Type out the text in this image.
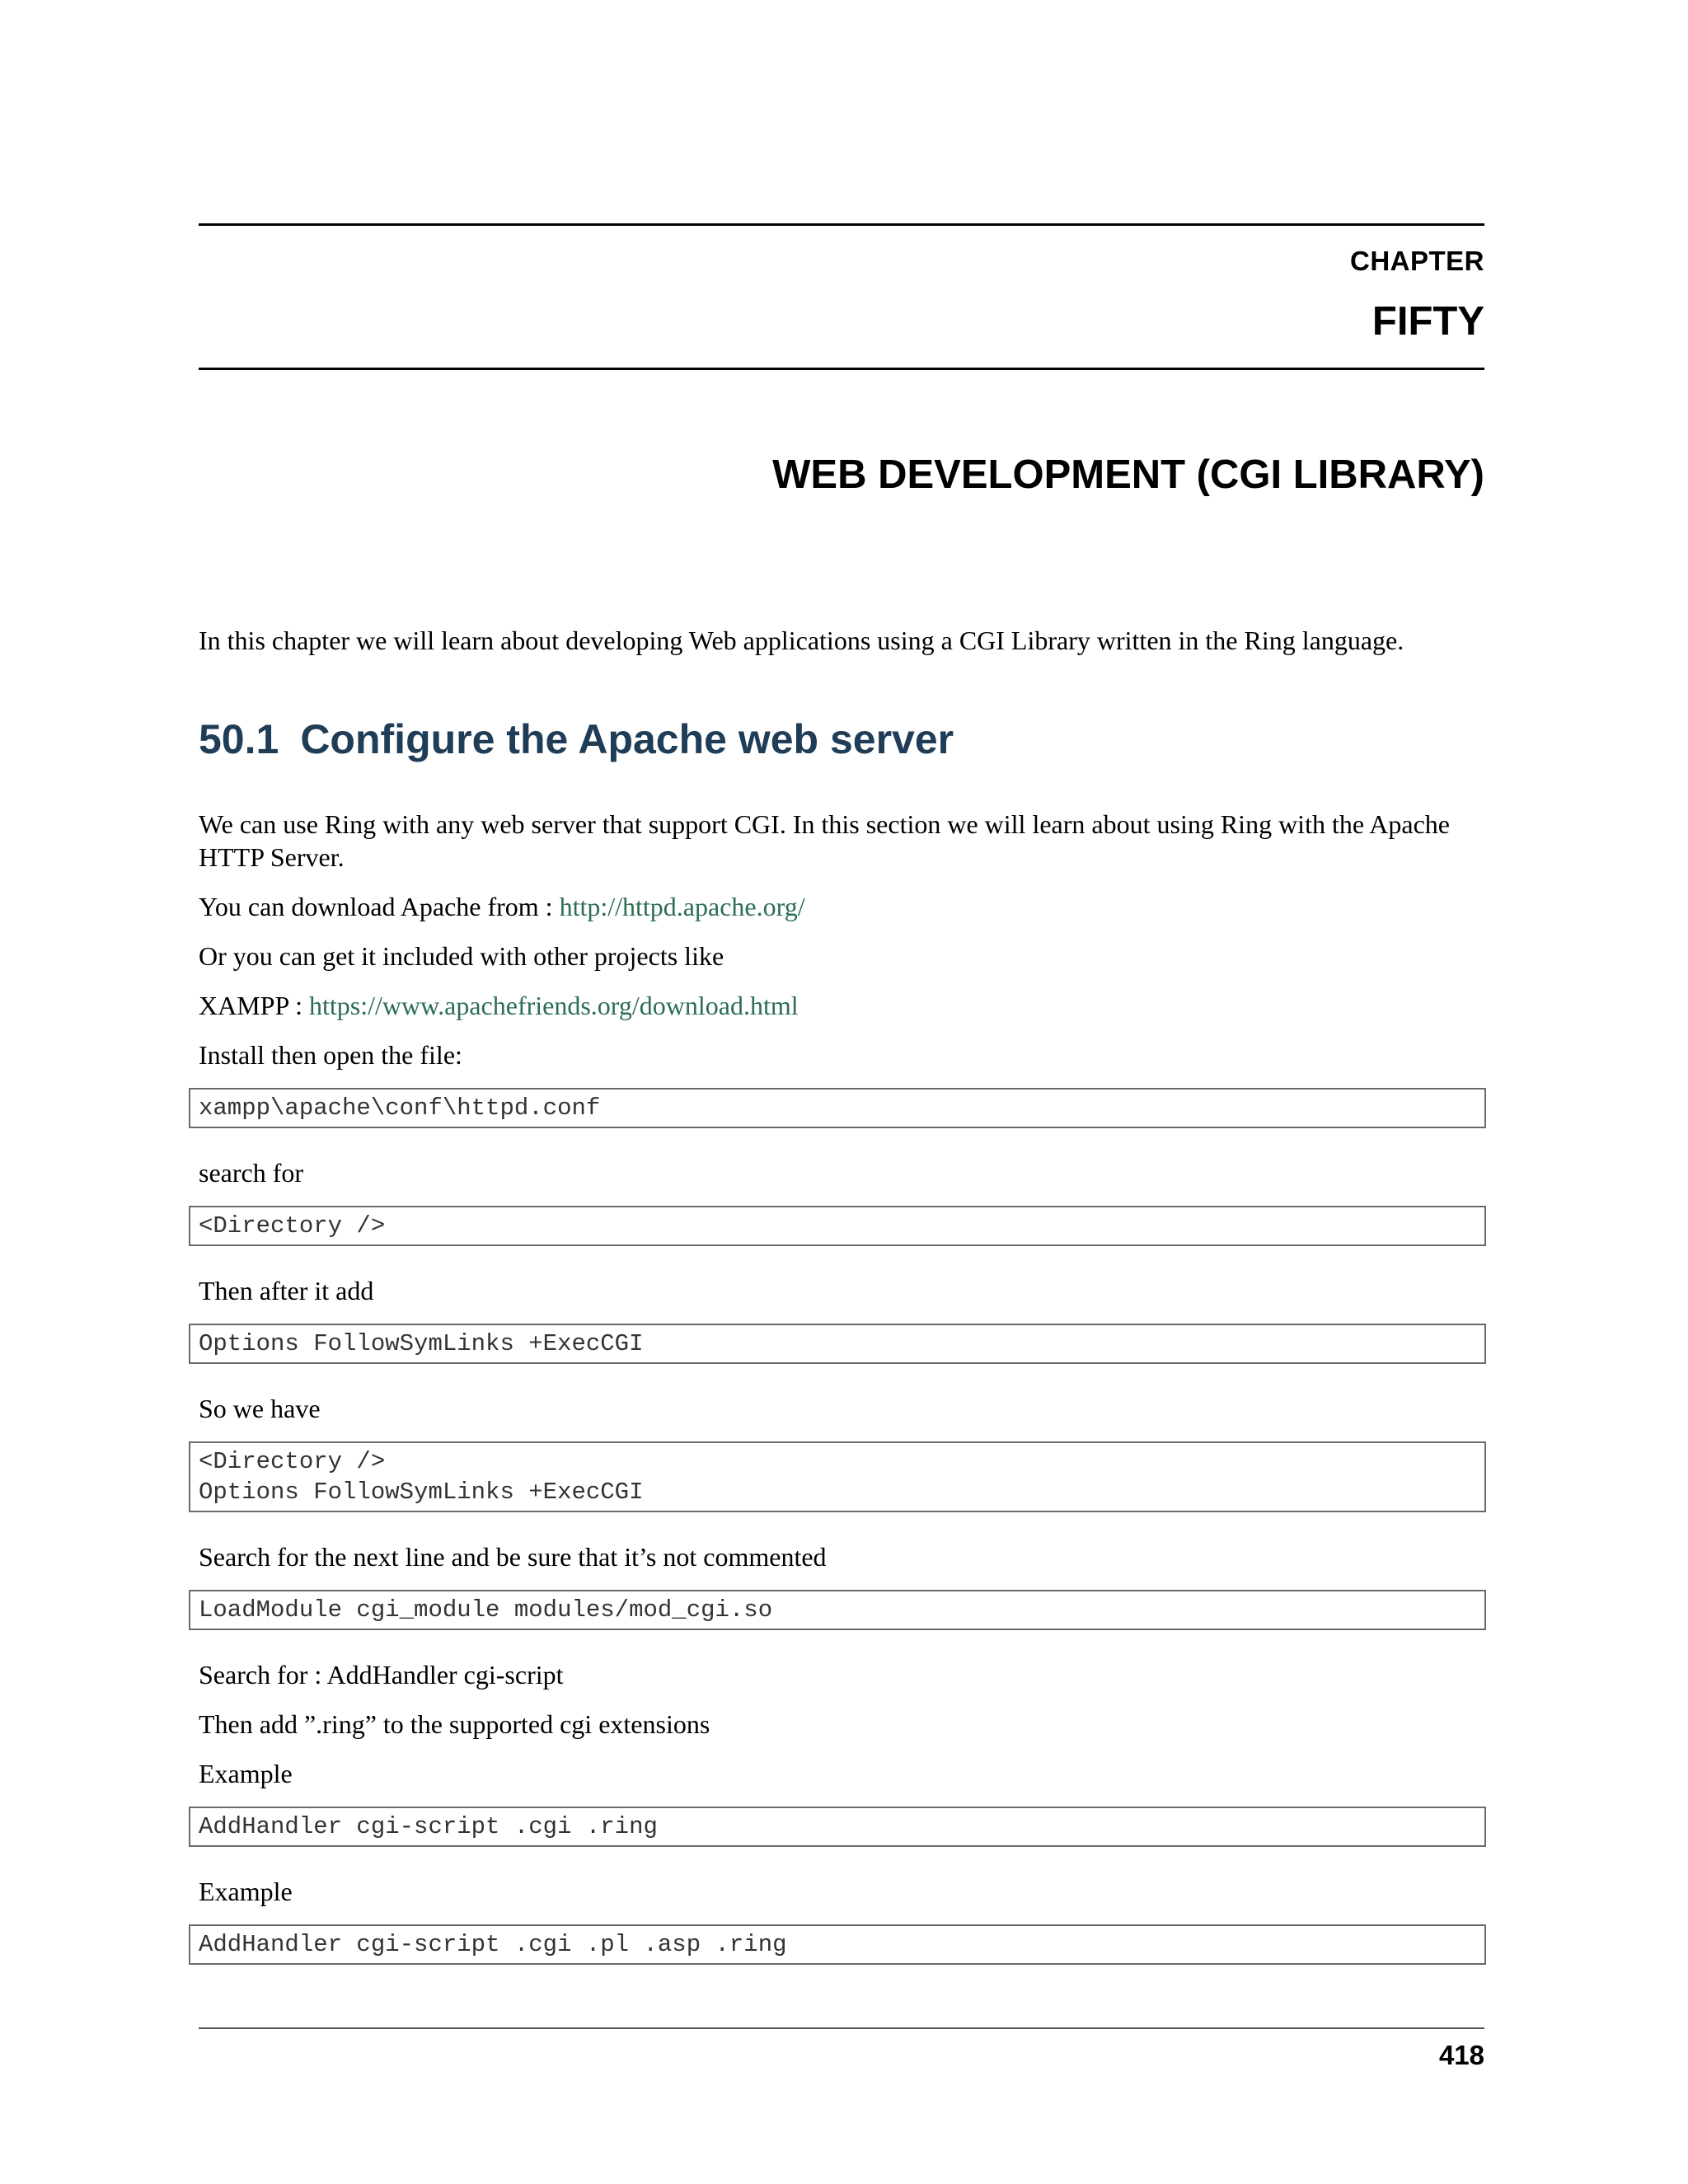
CHAPTER
FIFTY
WEB DEVELOPMENT (CGI LIBRARY)

In this chapter we will learn about developing Web applications using a CGI Library written in the Ring language.

50.1 Configure the Apache web server

We can use Ring with any web server that support CGI. In this section we will learn about using Ring with the Apache HTTP Server.

You can download Apache from : http://httpd.apache.org/

Or you can get it included with other projects like

XAMPP : https://www.apachefriends.org/download.html

Install then open the file:

xampp\apache\conf\httpd.conf

search for

<Directory />

Then after it add

Options FollowSymLinks +ExecCGI

So we have

<Directory />
Options FollowSymLinks +ExecCGI

Search for the next line and be sure that it’s not commented

LoadModule cgi_module modules/mod_cgi.so

Search for : AddHandler cgi-script

Then add ”.ring” to the supported cgi extensions

Example

AddHandler cgi-script .cgi .ring

Example

AddHandler cgi-script .cgi .pl .asp .ring
418
